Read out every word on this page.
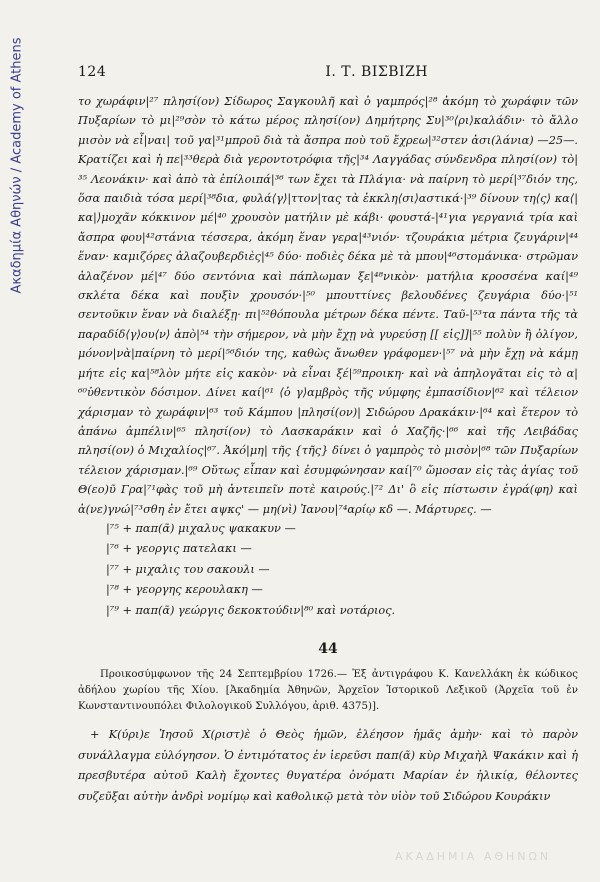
Ακαδημία Αθηνών / Academy of Athens	124	Ι. Τ. ΒΙΣΒΙΖΗ

το χωράφιν|²⁷ πλησί(ον) Σίδωρος Σαγκουλῆ καὶ ὁ γαμπρός|²⁸ ἀκόμη τὸ χωράφιν τῶν Πυξαρίων τὸ μι|²⁹σὸν τὸ κάτω μέρος πλησί(ον) Δημήτρης Συ|³⁰⟨ρι⟩καλάδιν· τὸ ἄλλο μισὸν νὰ εἶ|ναι| τοῦ γα|³¹μπροῦ διὰ τὰ ἄσπρα ποὺ τοῦ ἔχρεω|³²στεν ἀσι(λάνια) —25—. Κρατίζει καὶ ἡ πε|³³θερὰ διὰ γεροντοτρόφια τῆς|³⁴ Λαγγάδας σύνδενδρα πλησί(ον) τὸ|³⁵ Λεονάκιν· καὶ ἀπὸ τὰ ἐπίλοιπά|³⁶ των ἔχει τὰ Πλάγια· νὰ παίρνη τὸ μερί|³⁷διόν της, ὅσα παιδιὰ τόσα μερί|³⁸δια, φυλά⟨γ⟩|ττον|τας τὰ ἐκκλη⟨σι⟩αστικά·|³⁹ δίνουν τη⟨ς⟩ κα⟨|κα|⟩μοχᾶν κόκκινον μέ|⁴⁰ χρουσὸν ματήλιν μὲ κάβι· φουστά-|⁴¹για γεργανιά τρία καὶ ἄσπρα φου|⁴²στάνια τέσσερα, ἀκόμη ἕναν γερα|⁴³νιόν· τζουράκια μέτρια ζευγάριν|⁴⁴ ἕναν· καμιζόρες ἀλαζουβερδιὲς|⁴⁵ δύο· ποδιὲς δέκα μὲ τὰ μπου|⁴⁶στομάνικα· στρῶμαν ἀλαζένον μέ|⁴⁷ δύο σεντόνια καὶ πάπλωμαν ξε|⁴⁸νικὸν· ματήλια κροσσένα καί|⁴⁹ σκλέτα δέκα καὶ πουξὶν χρουσόν·|⁵⁰ μπουττίνες βελουδένες ζευγάρια δύο·|⁵¹ σεντοῦκιν ἕναν νὰ διαλέξῃ· πι|⁵²θόπουλα μέτρων δέκα πέντε. Ταῦ-|⁵³τα πάντα τῆς τὰ παραδίδ⟨γ⟩ου⟨ν⟩ ἀπὸ|⁵⁴ τὴν σήμερον, νὰ μὴν ἔχῃ νὰ γυρεύσῃ [[ εἰς]]|⁵⁵ πολὺν ἢ ὀλίγον, μόνον|νὰ|παίρνη τὸ μερί|⁵⁶διόν της, καθὼς ἄνωθεν γράφομεν·|⁵⁷ νὰ μὴν ἔχῃ νὰ κάμῃ μήτε εἰς κα|⁵⁸λὸν μήτε εἰς κακὸν· νὰ εἶναι ξέ|⁵⁹προικη· καὶ νὰ ἀπηλογᾶται εἰς τὸ α|⁶⁰ὐθεντικὸν δόσιμον. Δίνει καί|⁶¹ ⟨ὁ γ⟩αμβρὸς τῆς νύμφης ἐμπασίδιον|⁶² καὶ τέλειον χάρισμαν τὸ χωράφιν|⁶³ τοῦ Κάμπου |πλησί(ον)| Σιδώρου Δρακάκιν·|⁶⁴ καὶ ἕτερον τὸ ἀπάνω ἀμπέλιν|⁶⁵ πλησί(ον) τὸ Λασκαράκιν καὶ ὁ Χαζῆς·|⁶⁶ καὶ τῆς Λειβάδας πλησί(ον) ὁ Μιχαλίος|⁶⁷. Ἀκό|μη| τῆς {τῆς} δίνει ὁ γαμπρὸς τὸ μισὸν|⁶⁸ τῶν Πυξαρίων τέλειον χάρισμαν.|⁶⁹ Οὕτως εἶπαν καὶ ἐσυμφώνησαν καί|⁷⁰ ὤμοσαν εἰς τὰς ἁγίας τοῦ Θ(εο)ῦ Γρα|⁷¹φὰς τοῦ μὴ ἀντειπεῖν ποτὲ καιρούς.|⁷² Δι' ὃ εἰς πίστωσιν ἐγρά(φη) καὶ ἀ(νε)γνώ|⁷³σθη ἐν ἔτει αψκς' — μη(νὶ) Ἰανου|⁷⁴αρίῳ κδ —. Μάρτυρες. —

|⁷⁵ + παπ(ᾶ) μιχαλυς ψακακυν —
|⁷⁶ + γεοργις πατελακι —
|⁷⁷ + μιχαλις του σακουλι —
|⁷⁸ + γεοργης κερουλακη —
|⁷⁹ + παπ(ᾶ) γεώργις δεκοκτούδιν|⁸⁰ καὶ νοτάριος.
44

Προικοσύμφωνον τῆς 24 Σεπτεμβρίου 1726.— Ἐξ ἀντιγράφου Κ. Κανελλάκη ἐκ κώδικος ἀδήλου χωρίου τῆς Χίου. [Ἀκαδημία Ἀθηνῶν, Ἀρχεῖον Ἱστορικοῦ Λεξικοῦ (Ἀρχεῖα τοῦ ἐν Κωνσταντινουπόλει Φιλολογικοῦ Συλλόγου, ἀριθ. 4375)].

+ Κ(ύρι)ε Ἰησοῦ Χ(ριστ)ὲ ὁ Θεὸς ἡμῶν, ἐλέησον ἡμᾶς ἀμὴν· καὶ τὸ παρὸν συνάλλαγμα εὐλόγησον. Ὁ ἐντιμότατος ἐν ἱερεῦσι παπ(ᾶ) κὺρ Μιχαὴλ Ψακάκιν καὶ ἡ πρεσβυτέρα αὐτοῦ Καλὴ ἔχοντες θυγατέρα ὀνόματι Μαρίαν ἐν ἡλικίᾳ, θέλοντες συζεῦξαι αὐτὴν ἀνδρὶ νομίμῳ καὶ καθολικῷ μετὰ τὸν υἱὸν τοῦ Σιδώρου Κουράκιν

ΑΚΑΔΗΜΙΑ ΑΘΗΝΩΝ
